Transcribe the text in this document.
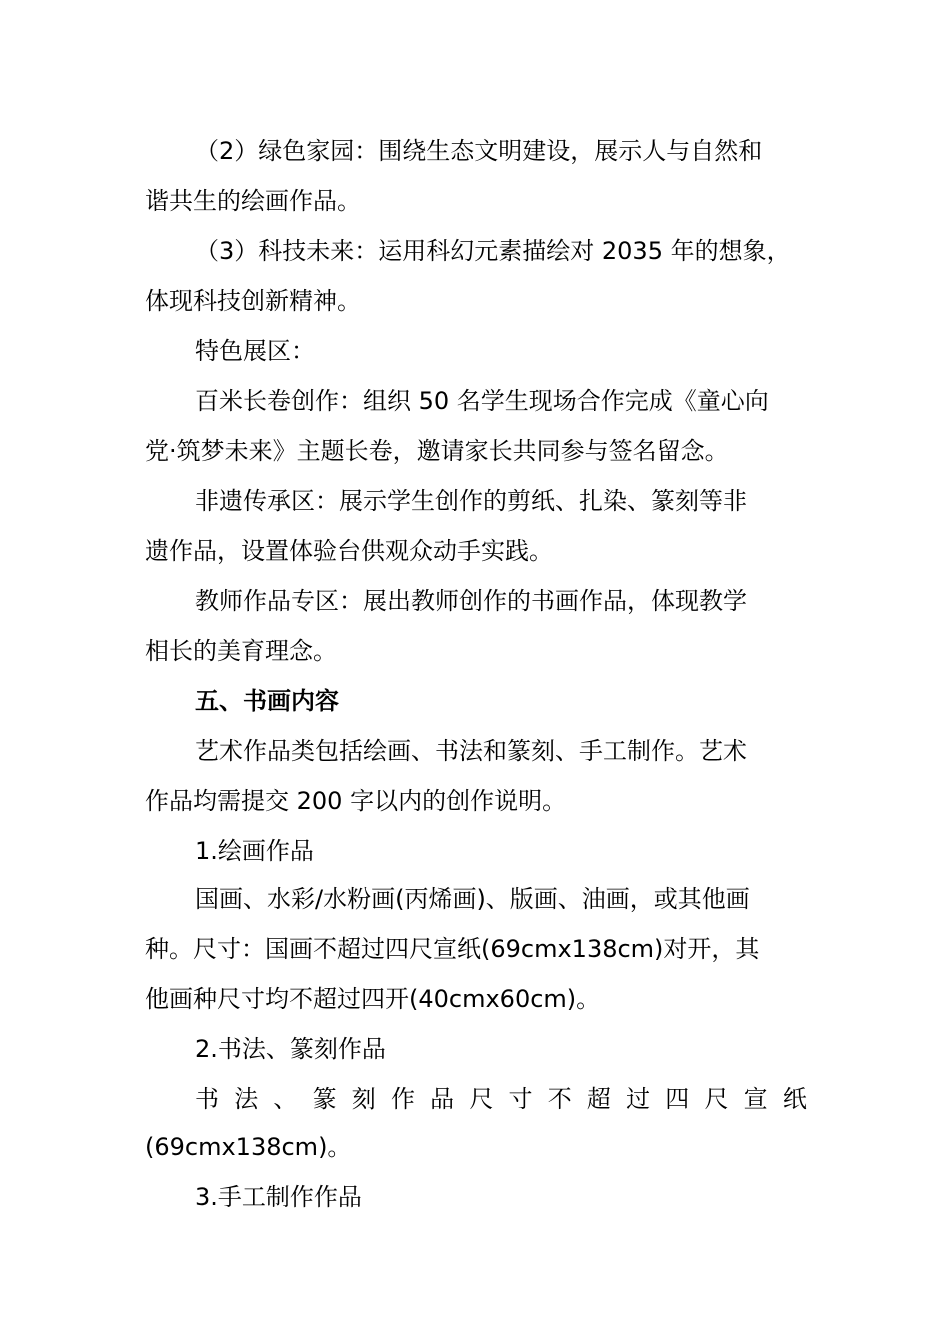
（2）绿色家园：围绕生态文明建设，展示人与自然和
谐共生的绘画作品。
（3）科技未来：运用科幻元素描绘对 2035 年的想象，
体现科技创新精神。
特色展区：
百米长卷创作：组织 50 名学生现场合作完成《童心向
党·筑梦未来》主题长卷，邀请家长共同参与签名留念。
非遗传承区：展示学生创作的剪纸、扎染、篆刻等非
遗作品，设置体验台供观众动手实践。
教师作品专区：展出教师创作的书画作品，体现教学
相长的美育理念。
五、书画内容
艺术作品类包括绘画、书法和篆刻、手工制作。艺术
作品均需提交 200 字以内的创作说明。
1.绘画作品
国画、水彩/水粉画(丙烯画)、版画、油画，或其他画
种。尺寸：国画不超过四尺宣纸(69cmx138cm)对开，其
他画种尺寸均不超过四开(40cmx60cm)。
2.书法、篆刻作品
书 法 、 篆 刻 作 品 尺 寸 不 超 过 四 尺 宣 纸
(69cmx138cm)。
3.手工制作作品
